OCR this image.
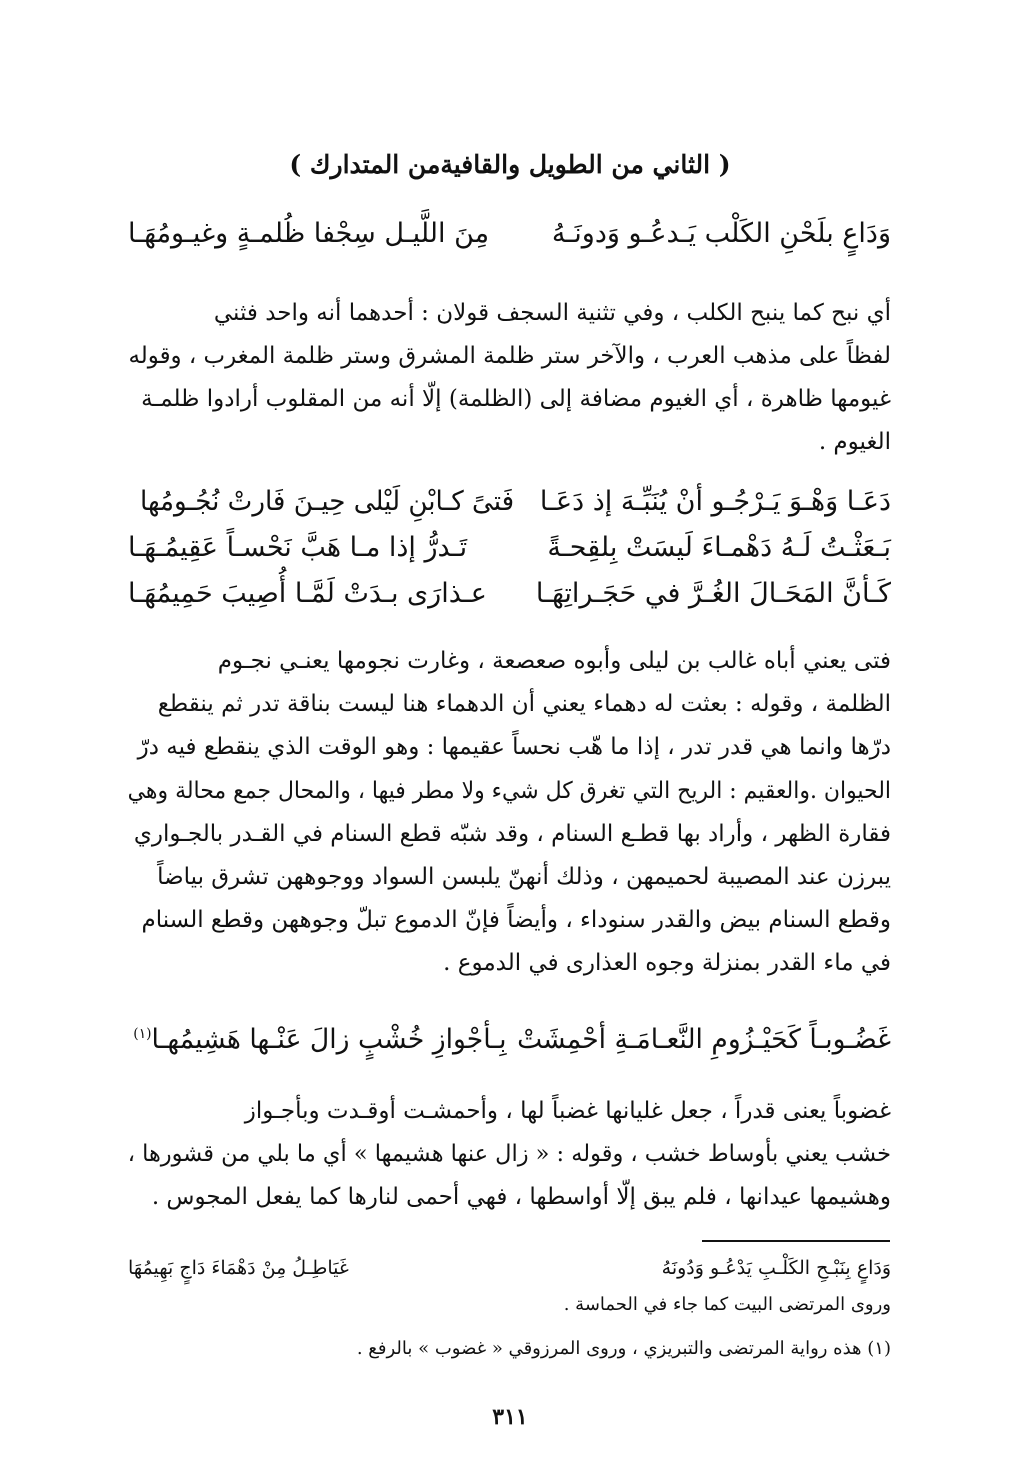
( الثاني من الطويل والقافيةمن المتدارك )
وَدَاعٍ بلَحْنِ الكَلْب يَـدعُـو وَدونَـهُ
مِنَ اللَّيـل سِجْفا ظُلمـةٍ وغيـومُهَـا

أي نبح كما ينبح الكلب ، وفي تثنية السجف قولان : أحدهما أنه واحد فثني
لفظاً على مذهب العرب ، والآخر ستر ظلمة المشرق وستر ظلمة المغرب ، وقوله
غيومها ظاهرة ، أي الغيوم مضافة إلى (الظلمة) إلّا أنه من المقلوب أرادوا ظلمـة
الغيوم .

دَعَـا وَهْـوَ يَـرْجُـو أنْ يُنَبِّـهَ إذ دَعَـا
فَتىً كـابْنِ لَيْلى حِيـنَ فَارتْ نُجُـومُها
بَـعَثْـتُ لَـهُ دَهْمـاءَ لَيسَتْ بِلقِحـةً
تَـدرُّ إذا مـا هَبَّ نَحْسـاً عَقِيمُـهَـا
كَـأنَّ المَحَـالَ الغُـرَّ في حَجَـراتِهَـا
عـذارَى بـدَتْ لَمَّـا أُصِيبَ حَمِيمُهَـا

فتى يعني أباه غالب بن ليلى وأبوه صعصعة ، وغارت نجومها يعنـي نجـوم
الظلمة ، وقوله : بعثت له دهماء يعني أن الدهماء هنا ليست بناقة تدر ثم ينقطع
درّها وانما هي قدر تدر ، إذا ما هّب نحساً عقيمها : وهو الوقت الذي ينقطع فيه درّ
الحيوان .والعقيم : الريح التي تغرق كل شيء ولا مطر فيها ، والمحال جمع محالة وهي
فقارة الظهر ، وأراد بها قطـع السنام ، وقد شبّه قطع السنام في القـدر بالجـواري
يبرزن عند المصيبة لحميمهن ، وذلك أنهنّ يلبسن السواد ووجوههن تشرق بياضاً
وقطع السنام بيض والقدر سنوداء ، وأيضاً فإنّ الدموع تبلّ وجوههن وقطع السنام
في ماء القدر بمنزلة وجوه العذارى في الدموع .

غَضُـوبـاً كَحَيْـزُومِ النَّعـامَـةِ أحْمِشَتْ
بِـأجْوازِ خُشْبٍ زالَ عَنْـها هَشِيمُهـا$^{(١)}$

غضوباً يعنى قدراً ، جعل غليانها غضباً لها ، وأحمشـت أوقـدت وبأجـواز
خشب يعني بأوساط خشب ، وقوله : « زال عنها هشيمها » أي ما بلي من قشورها ،
وهشيمها عيدانها ، فلم يبق إلّا أواسطها ، فهي أحمى لنارها كما يفعل المجوس .

وَدَاعٍ بِنَبْـحِ الكَلْـبِ يَدْعُـو وَدُونَهُ
غَيَاطِـلُ مِنْ دَهْمَاءَ دَاجٍ بَهِيمُهَا
وروى المرتضى البيت كما جاء في الحماسة .
(١) هذه رواية المرتضى والتبريزي ، وروى المرزوقي « غضوب » بالرفع .
٣١١
